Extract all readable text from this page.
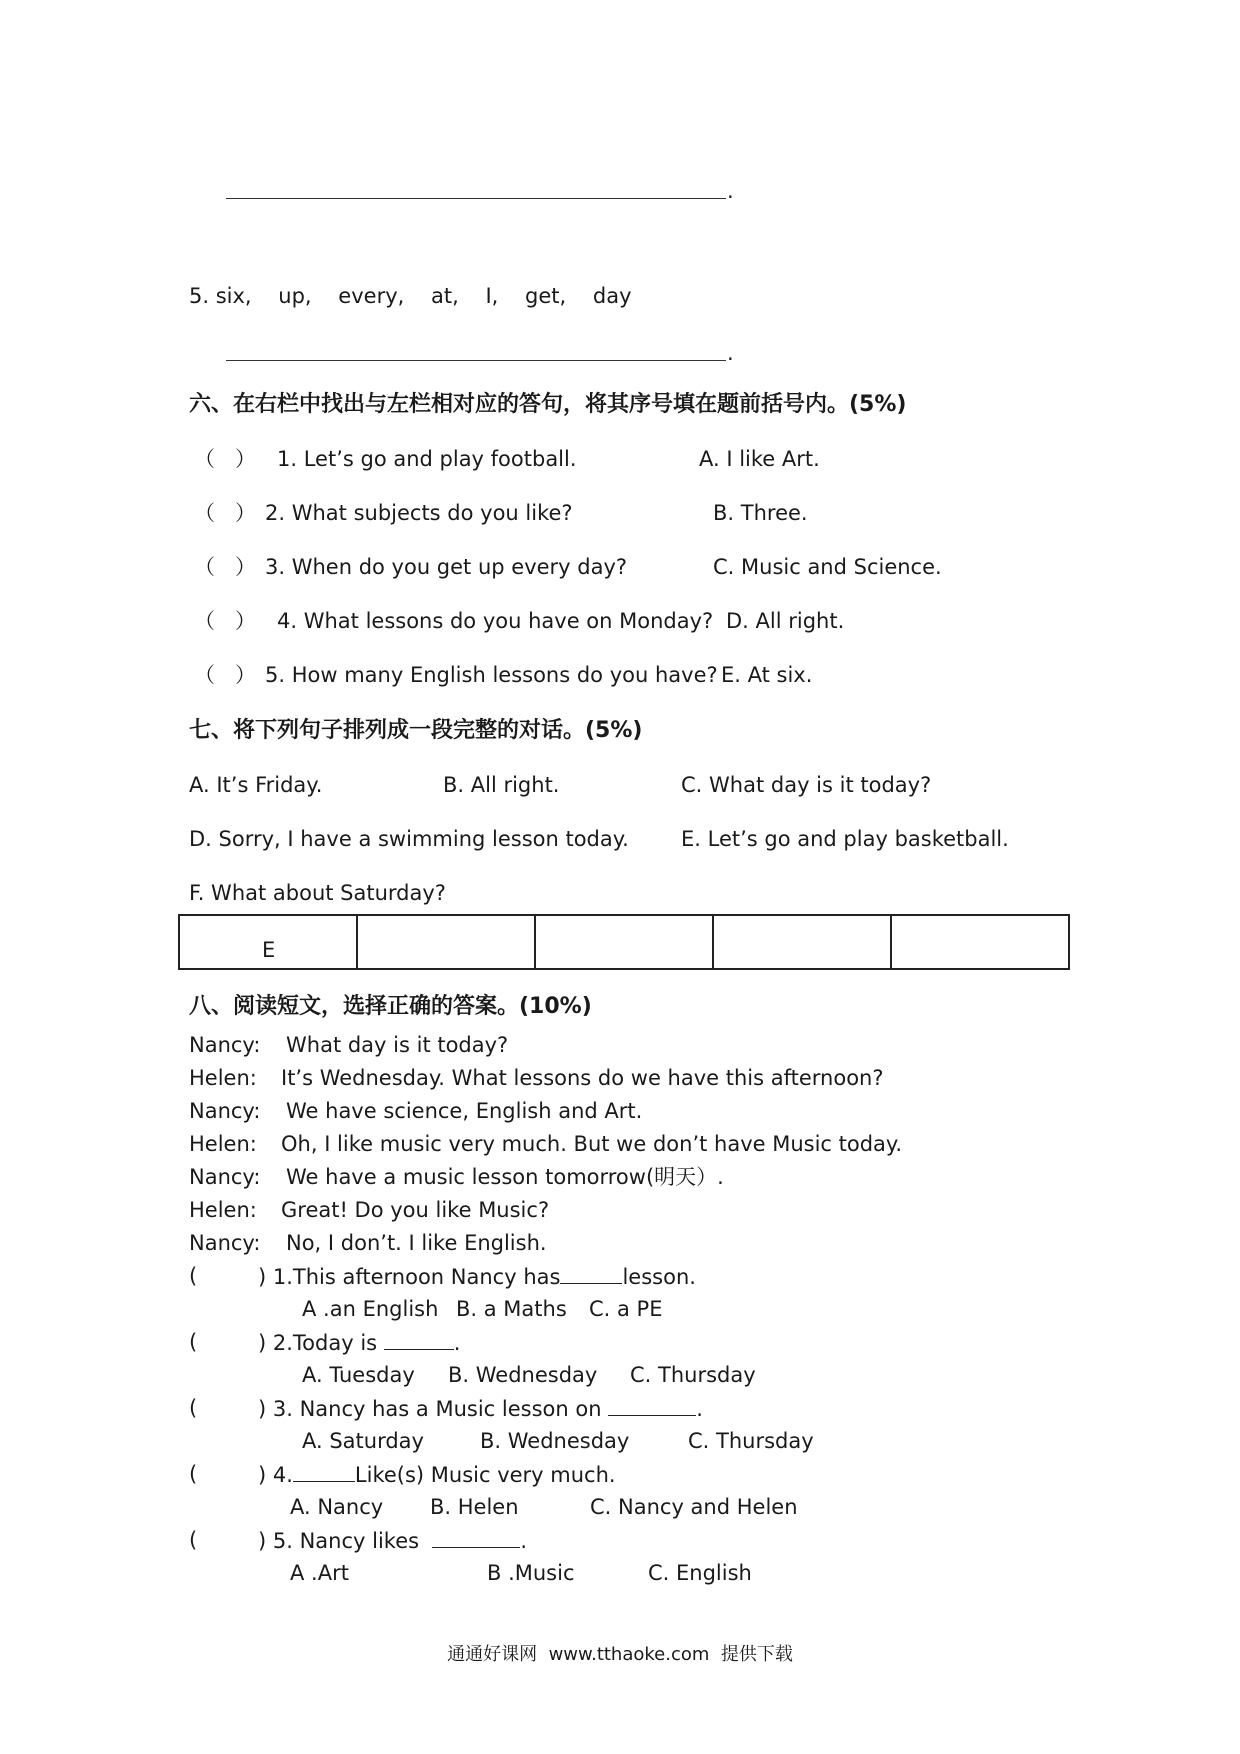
.
5. six,    up,    every,    at,    I,    get,    day
.
六、在右栏中找出与左栏相对应的答句，将其序号填在题前括号内。(5%)
（   ） 1. Let’s go and play football.	A. I like Art.
（   ） 2. What subjects do you like?	B. Three.
（   ） 3. When do you get up every day?	C. Music and Science.
（   ） 4. What lessons do you have on Monday? D. All right.
（   ） 5. How many English lessons do you have? E. At six.
七、将下列句子排列成一段完整的对话。(5%)
A. It’s Friday.	B. All right.	C. What day is it today?
D. Sorry, I have a swimming lesson today. E. Let’s go and play basketball.
F. What about Saturday?
E				
八、阅读短文，选择正确的答案。(10%)
Nancy: What day is it today?
Helen: It’s Wednesday. What lessons do we have this afternoon?
Nancy: We have science, English and Art.
Helen: Oh, I like music very much. But we don’t have Music today.
Nancy: We have a music lesson tomorrow(明天）.
Helen: Great! Do you like Music?
Nancy: No, I don’t. I like English.
(	) 1.This afternoon Nancy has	lesson.
A .an English B. a Maths C. a PE
(	) 2.Today is	.
A. Tuesday B. Wednesday C. Thursday
(	) 3. Nancy has a Music lesson on	.
A. Saturday	B. Wednesday	C. Thursday
(	) 4.	Like(s) Music very much.
A. Nancy B. Helen	C. Nancy and Helen
(	) 5. Nancy likes	.
A .Art	B .Music	C. English
通通好课网  www.tthaoke.com  提供下载
